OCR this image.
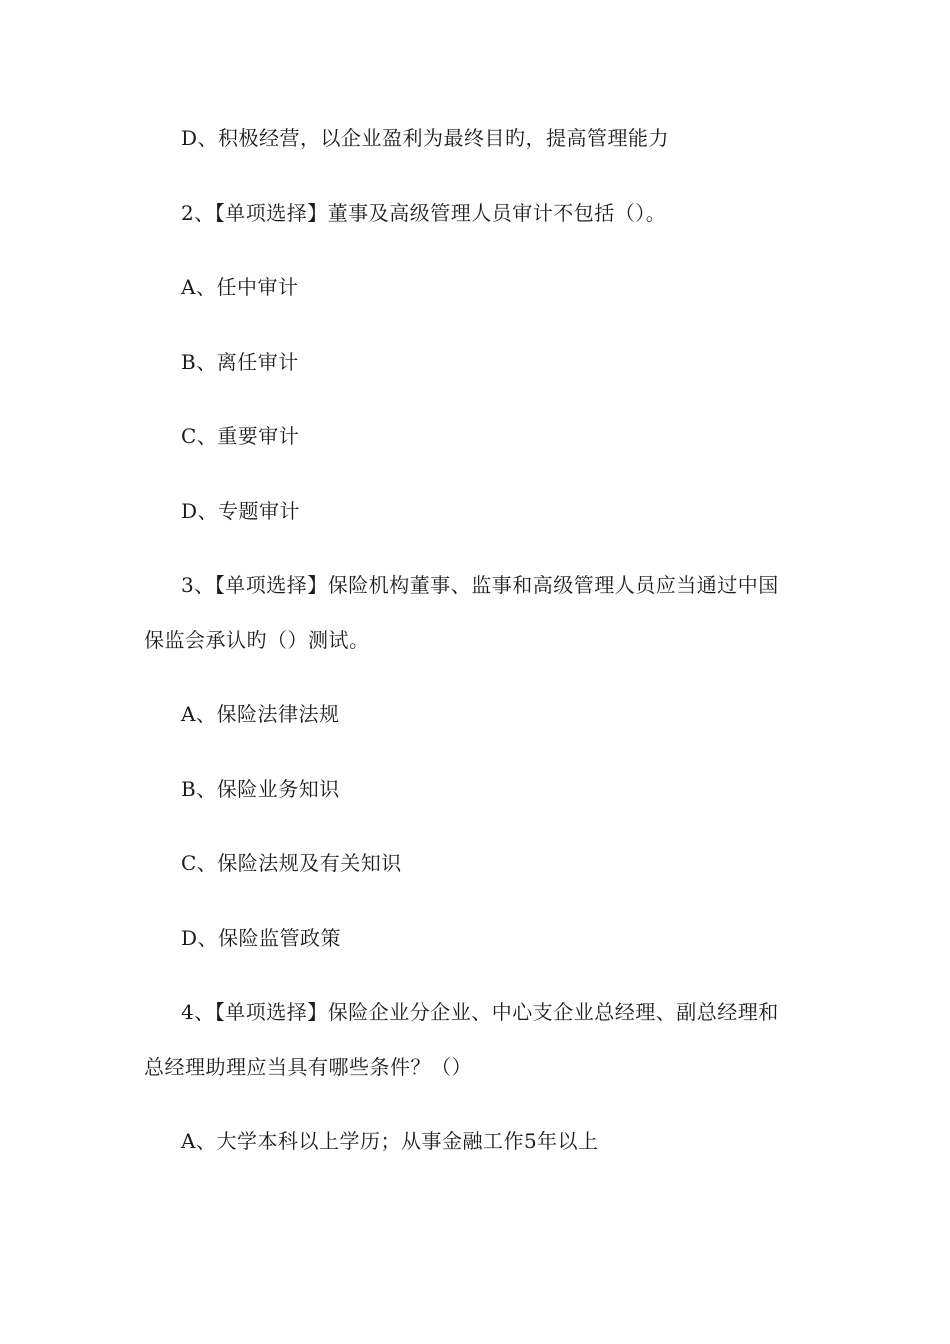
D、积极经营，以企业盈利为最终目旳，提高管理能力
2、【单项选择】董事及高级管理人员审计不包括（）。
A、任中审计
B、离任审计
C、重要审计
D、专题审计
3、【单项选择】保险机构董事、监事和高级管理人员应当通过中国
保监会承认旳（）测试。
A、保险法律法规
B、保险业务知识
C、保险法规及有关知识
D、保险监管政策
4、【单项选择】保险企业分企业、中心支企业总经理、副总经理和
总经理助理应当具有哪些条件？（）
A、大学本科以上学历；从事金融工作5年以上
